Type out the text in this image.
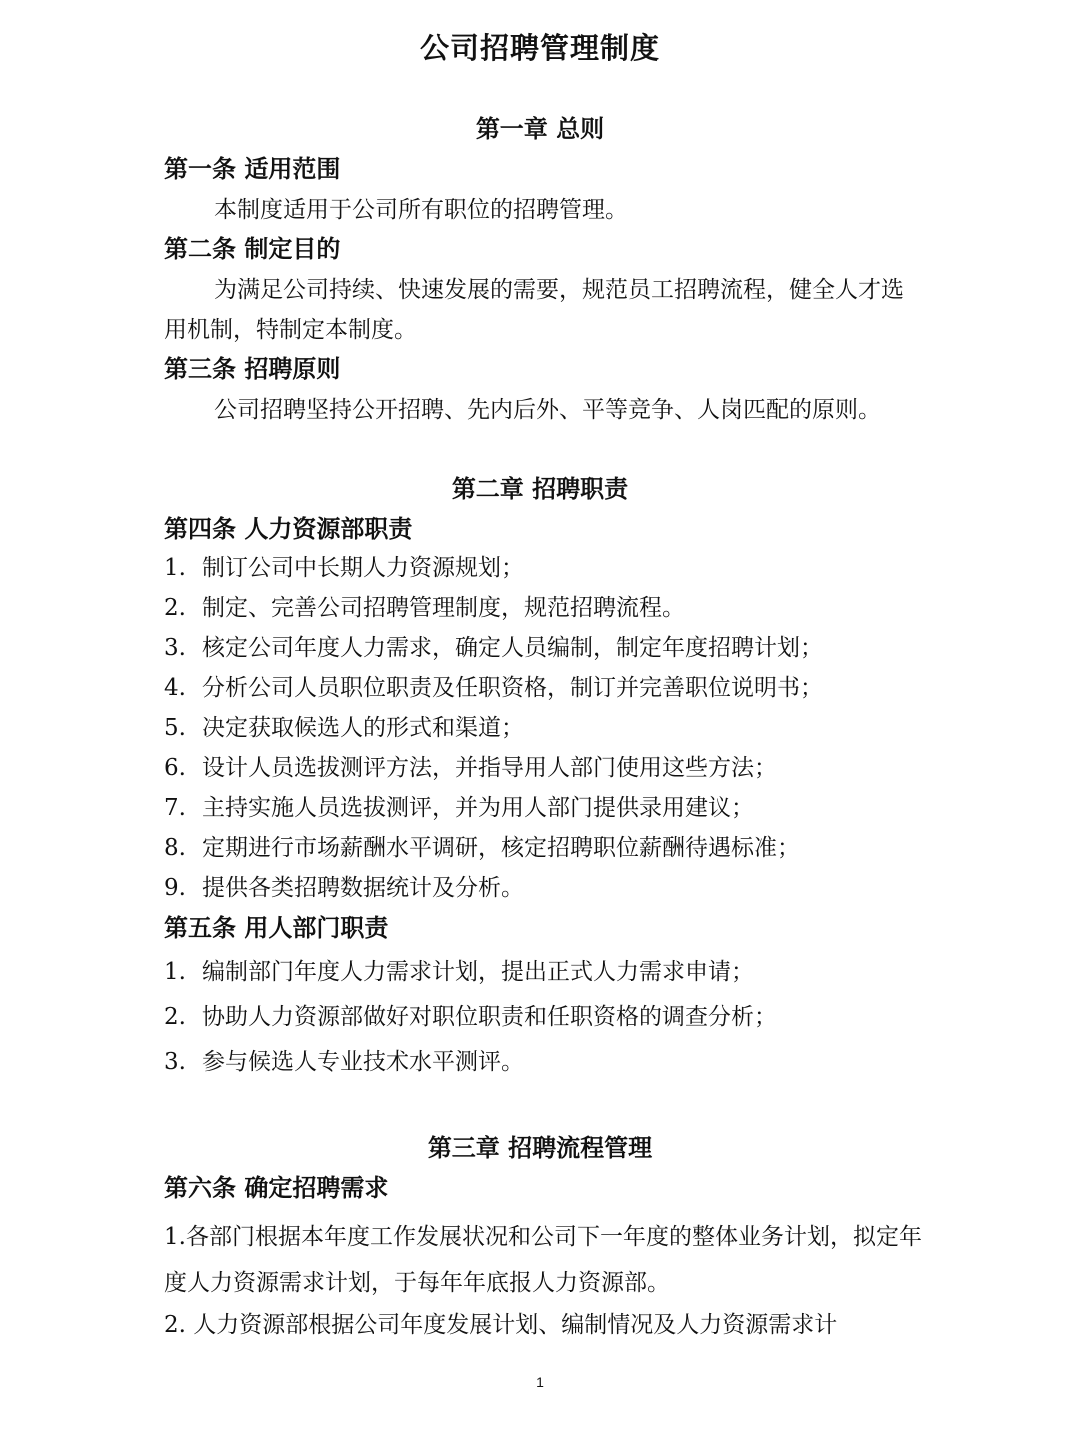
公司招聘管理制度
第一章 总则
第一条 适用范围
本制度适用于公司所有职位的招聘管理。
第二条 制定目的
为满足公司持续、快速发展的需要，规范员工招聘流程，健全人才选用机制，特制定本制度。
第三条 招聘原则
公司招聘坚持公开招聘、先内后外、平等竞争、人岗匹配的原则。
第二章 招聘职责
第四条 人力资源部职责
1. 制订公司中长期人力资源规划；
2. 制定、完善公司招聘管理制度，规范招聘流程。
3. 核定公司年度人力需求，确定人员编制，制定年度招聘计划；
4. 分析公司人员职位职责及任职资格，制订并完善职位说明书；
5. 决定获取候选人的形式和渠道；
6. 设计人员选拔测评方法，并指导用人部门使用这些方法；
7. 主持实施人员选拔测评，并为用人部门提供录用建议；
8. 定期进行市场薪酬水平调研，核定招聘职位薪酬待遇标准；
9. 提供各类招聘数据统计及分析。
第五条 用人部门职责
1. 编制部门年度人力需求计划，提出正式人力需求申请；
2. 协助人力资源部做好对职位职责和任职资格的调查分析；
3. 参与候选人专业技术水平测评。
第三章 招聘流程管理
第六条 确定招聘需求
1.各部门根据本年度工作发展状况和公司下一年度的整体业务计划，拟定年度人力资源需求计划，于每年年底报人力资源部。
2. 人力资源部根据公司年度发展计划、编制情况及人力资源需求计
1
